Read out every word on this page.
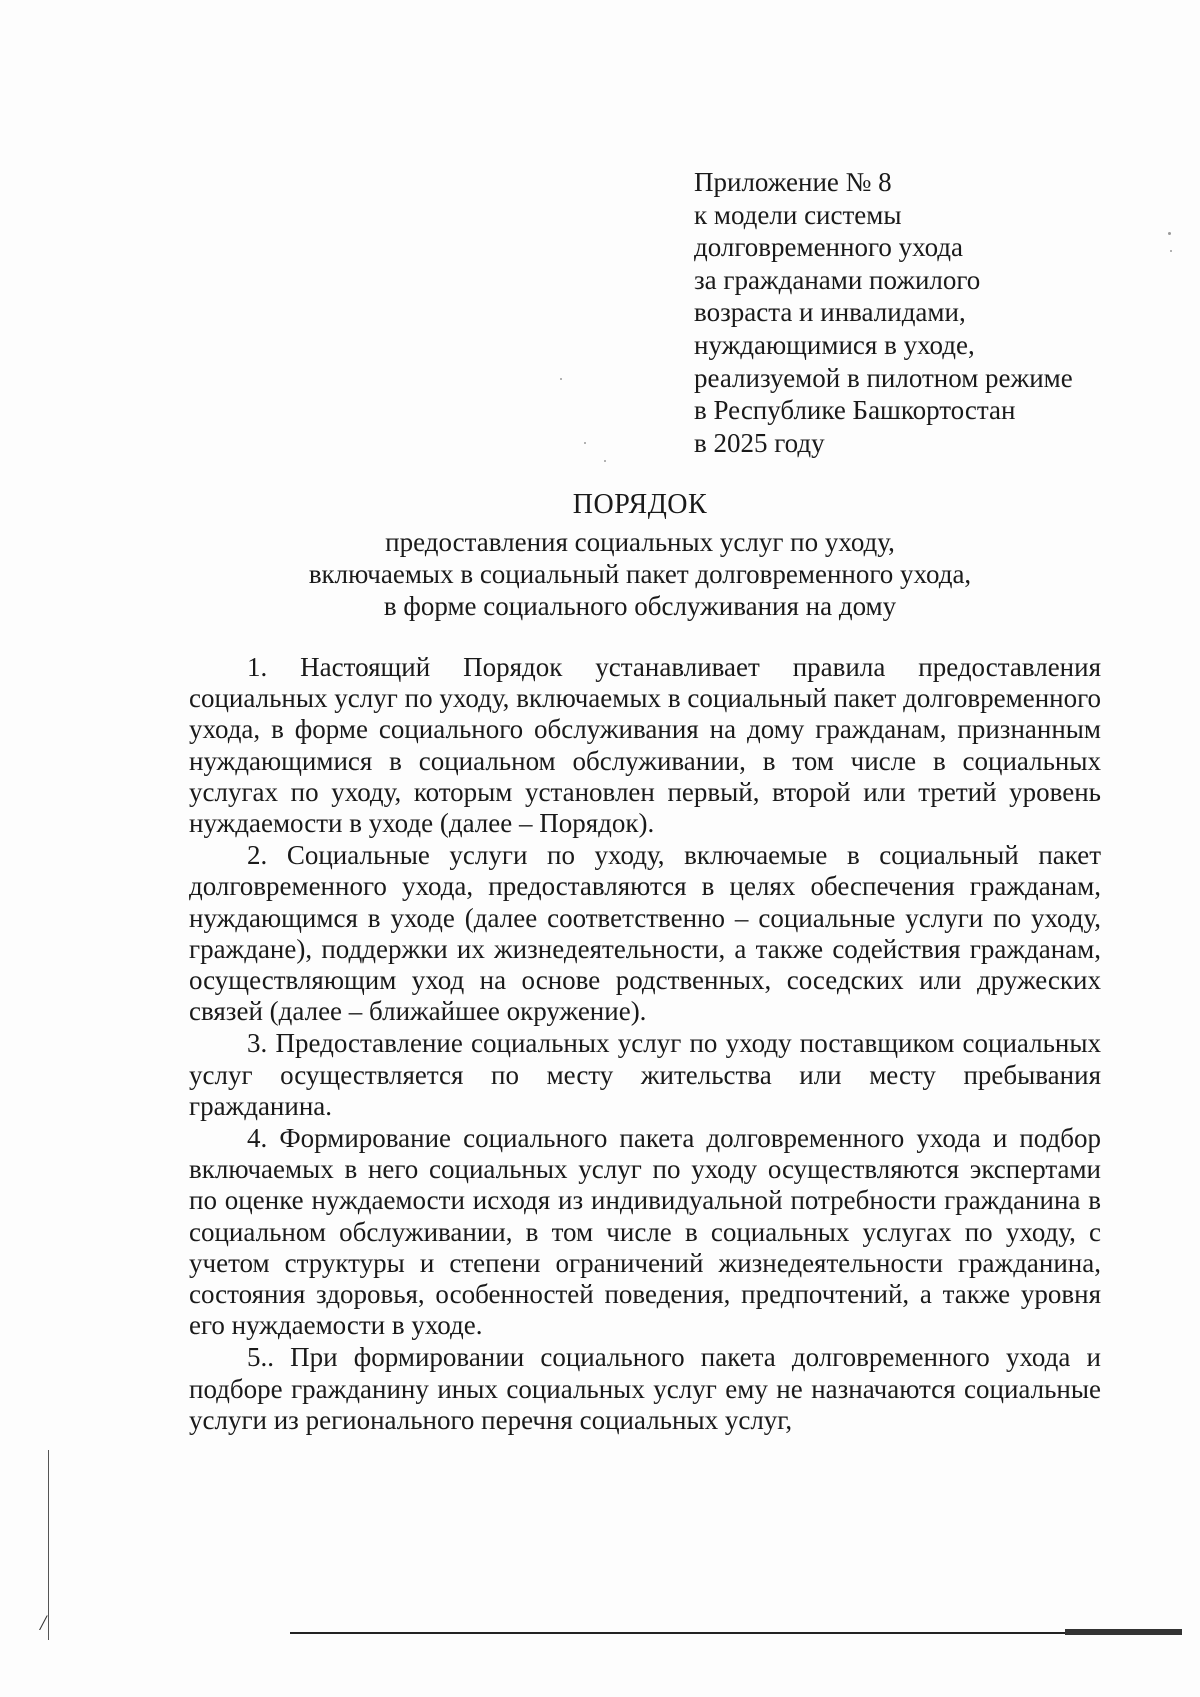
Приложение № 8
к модели системы
долговременного ухода
за гражданами пожилого
возраста и инвалидами,
нуждающимися в уходе,
реализуемой в пилотном режиме
в Республике Башкортостан
в 2025 году
ПОРЯДОК
предоставления социальных услуг по уходу,
включаемых в социальный пакет долговременного ухода,
в форме социального обслуживания на дому

1. Настоящий Порядок устанавливает правила предоставления социальных услуг по уходу, включаемых в социальный пакет долговременного ухода, в форме социального обслуживания на дому гражданам, признанным нуждающимися в социальном обслуживании, в том числе в социальных услугах по уходу, которым установлен первый, второй или третий уровень нуждаемости в уходе (далее – Порядок).

2. Социальные услуги по уходу, включаемые в социальный пакет долговременного ухода, предоставляются в целях обеспечения гражданам, нуждающимся в уходе (далее соответственно – социальные услуги по уходу, граждане), поддержки их жизнедеятельности, а также содействия гражданам, осуществляющим уход на основе родственных, соседских или дружеских связей (далее – ближайшее окружение).

3. Предоставление социальных услуг по уходу поставщиком социальных услуг осуществляется по месту жительства или месту пребывания гражданина.

4. Формирование социального пакета долговременного ухода и подбор включаемых в него социальных услуг по уходу осуществляются экспертами по оценке нуждаемости исходя из индивидуальной потребности гражданина в социальном обслуживании, в том числе в социальных услугах по уходу, с учетом структуры и степени ограничений жизнедеятельности гражданина, состояния здоровья, особенностей поведения, предпочтений, а также уровня его нуждаемости в уходе.

5.. При формировании социального пакета долговременного ухода и подборе гражданину иных социальных услуг ему не назначаются социальные услуги из регионального перечня социальных услуг,

/
